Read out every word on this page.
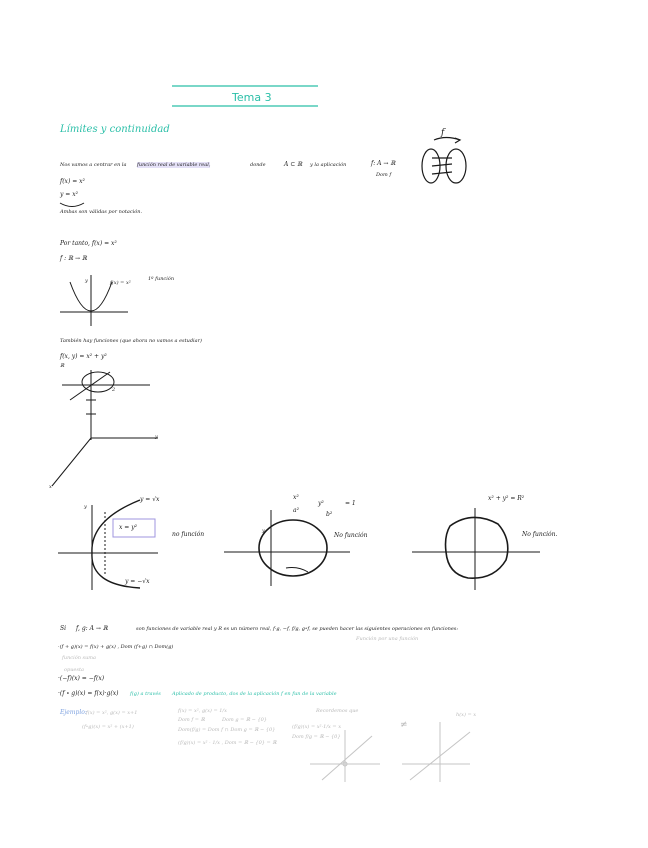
Tema 3
Límites y continuidad
Nos vamos a centrar en la función real de variable real,	donde	A ⊂ ℝ y la aplicación	f: A → ℝ
Dom f
f
f(x) = x²
y = x²
Ambas son válidas por notación.
Por tanto, f(x) = x²
f : ℝ → ℝ
f(x) = x²
y	1º función
También hay funciones (que ahora no vamos a estudiar)
f(x, y) = x² + y²
ℝ
y
x
2
y = √x
x = y²
y = −√x
y
no función
x²
a²
y²
b²
= 1
y
No función
x² + y² = R²
No función.
Si f, g: A → ℝ	son funciones de variable real y R es un número real, f·g, −f, f/g, g∘f, se pueden hacer las siguientes operaciones en funciones:
Función por una función
·(f + g)(x) = f(x) + g(x) , Dom (f+g) ∩ Dom(g)
función suma
opuesta
·(−f)(x) = −f(x)
·(f ∘ g)(x) = f(x)·g(x) f(g) a través Aplicado de producto, dos de la aplicación f en fun de la variable
Ejemplo: f(x) = x², g(x) = x+1
(f∘g)(x) = x² + (x+1)
f(x) = x², g(x) = 1/x
Dom f = ℝ	Dom g = ℝ − {0}
Dom(f/g) = Dom f ∩ Dom g = ℝ − {0}
(f/g)(x) = x² · 1/x , Dom = ℝ − {0} = ℝ
Recordemos que
(f/g)(x) = x²·1/x = x
Dom f/g = ℝ − {0}
≠
h(x) = x
